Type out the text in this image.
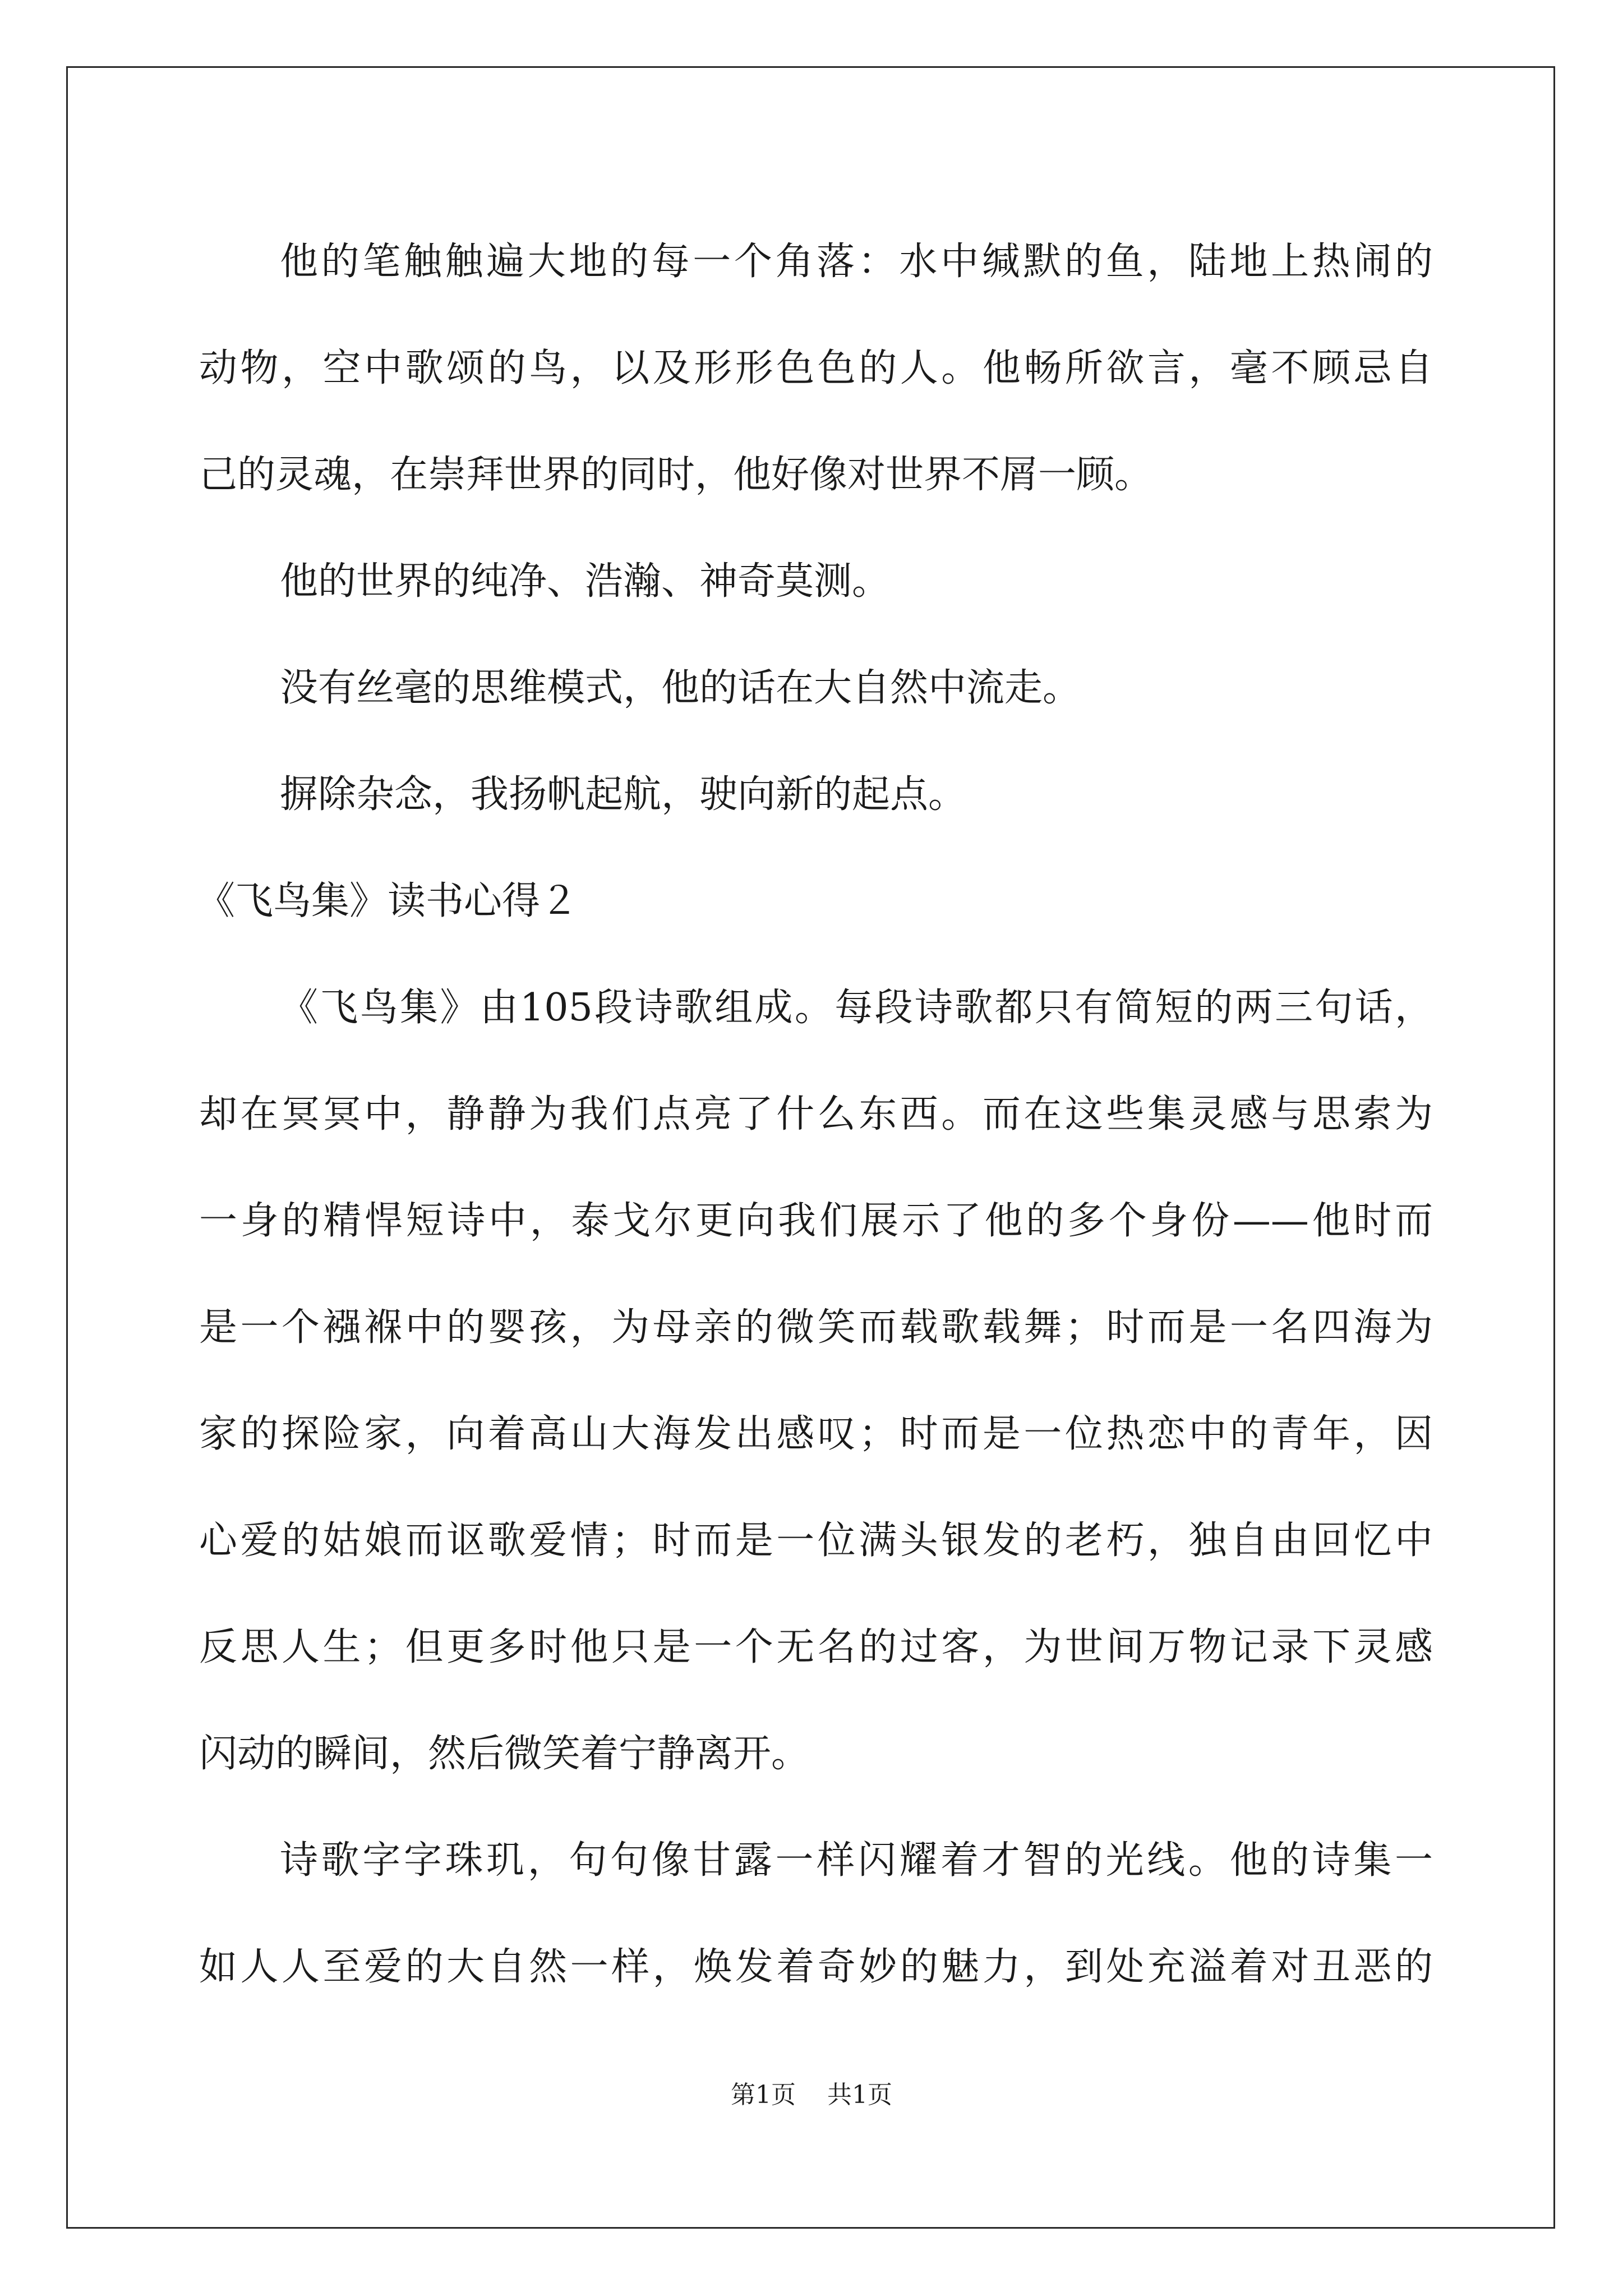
他的笔触触遍大地的每一个角落：水中缄默的鱼，陆地上热闹的
动物，空中歌颂的鸟，以及形形色色的人。他畅所欲言，毫不顾忌自
己的灵魂，在崇拜世界的同时，他好像对世界不屑一顾。
他的世界的纯净、浩瀚、神奇莫测。
没有丝毫的思维模式，他的话在大自然中流走。
摒除杂念，我扬帆起航，驶向新的起点。
《飞鸟集》读书心得２
《飞鸟集》由105段诗歌组成。每段诗歌都只有简短的两三句话，
却在冥冥中，静静为我们点亮了什么东西。而在这些集灵感与思索为
一身的精悍短诗中，泰戈尔更向我们展示了他的多个身份——他时而
是一个襁褓中的婴孩，为母亲的微笑而载歌载舞；时而是一名四海为
家的探险家，向着高山大海发出感叹；时而是一位热恋中的青年，因
心爱的姑娘而讴歌爱情；时而是一位满头银发的老朽，独自由回忆中
反思人生；但更多时他只是一个无名的过客，为世间万物记录下灵感
闪动的瞬间，然后微笑着宁静离开。
诗歌字字珠玑，句句像甘露一样闪耀着才智的光线。他的诗集一
如人人至爱的大自然一样，焕发着奇妙的魅力，到处充溢着对丑恶的
第1页 共1页
